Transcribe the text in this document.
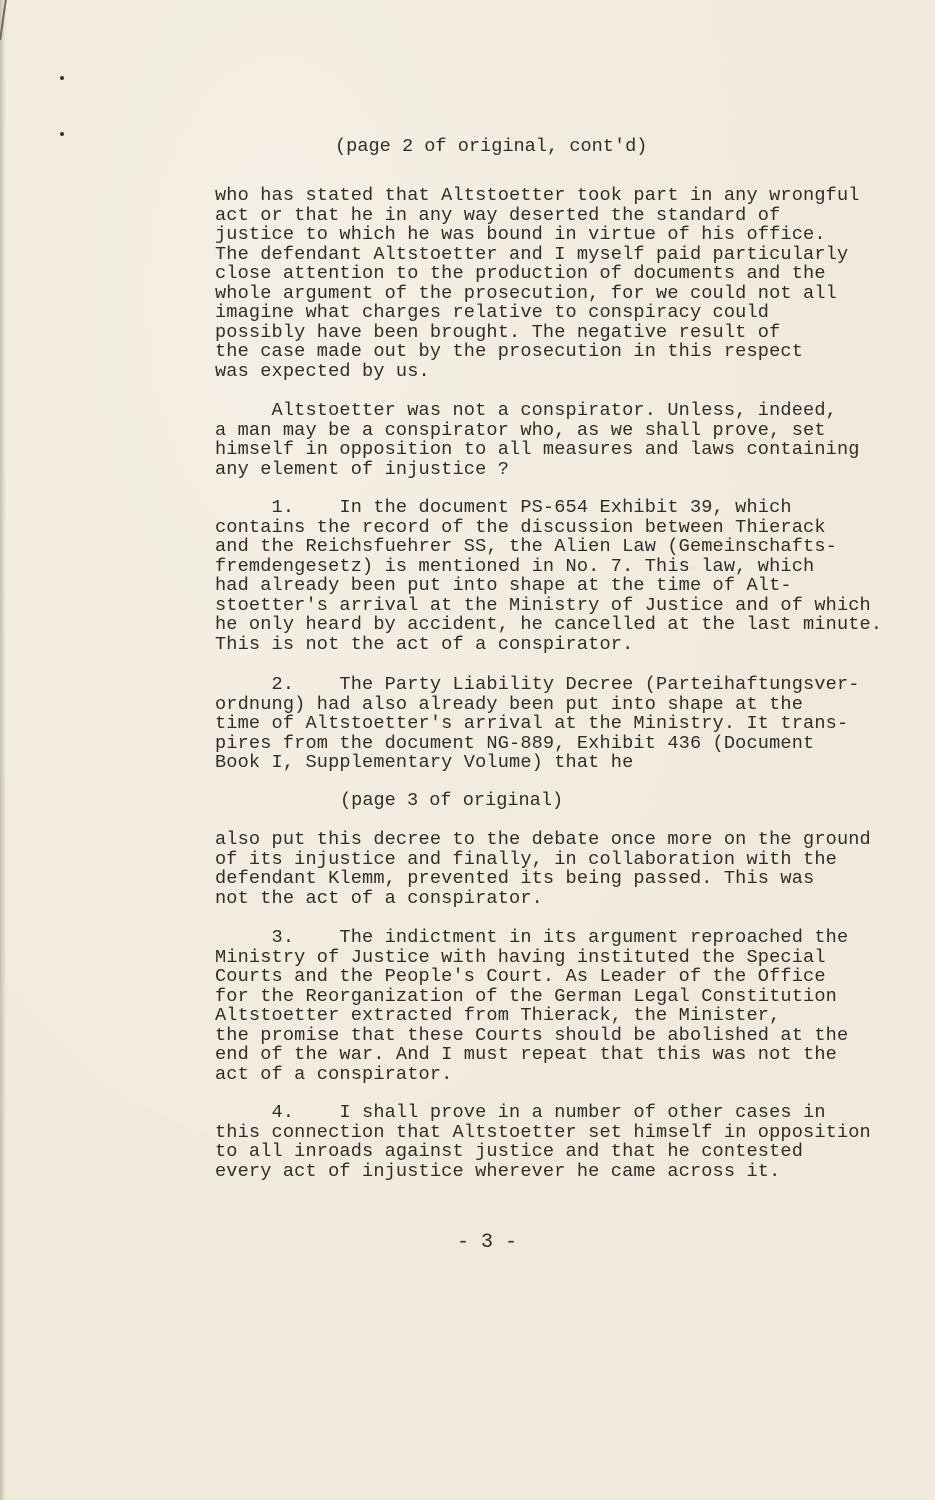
(page 2 of original, cont'd)
who has stated that Altstoetter took part in any wrongful
act or that he in any way deserted the standard of
justice to which he was bound in virtue of his office.
The defendant Altstoetter and I myself paid particularly
close attention to the production of documents and the
whole argument of the prosecution, for we could not all
imagine what charges relative to conspiracy could
possibly have been brought. The negative result of
the case made out by the prosecution in this respect
was expected by us.
Altstoetter was not a conspirator. Unless, indeed,
a man may be a conspirator who, as we shall prove, set
himself in opposition to all measures and laws containing
any element of injustice ?
1.    In the document PS-654 Exhibit 39, which
contains the record of the discussion between Thierack
and the Reichsfuehrer SS, the Alien Law (Gemeinschafts-
fremdengesetz) is mentioned in No. 7. This law, which
had already been put into shape at the time of Alt-
stoetter's arrival at the Ministry of Justice and of which
he only heard by accident, he cancelled at the last minute.
This is not the act of a conspirator.
2.    The Party Liability Decree (Parteihaftungsver-
ordnung) had also already been put into shape at the
time of Altstoetter's arrival at the Ministry. It trans-
pires from the document NG-889, Exhibit 436 (Document
Book I, Supplementary Volume) that he
(page 3 of original)
also put this decree to the debate once more on the ground
of its injustice and finally, in collaboration with the
defendant Klemm, prevented its being passed. This was
not the act of a conspirator.
3.    The indictment in its argument reproached the
Ministry of Justice with having instituted the Special
Courts and the People's Court. As Leader of the Office
for the Reorganization of the German Legal Constitution
Altstoetter extracted from Thierack, the Minister,
the promise that these Courts should be abolished at the
end of the war. And I must repeat that this was not the
act of a conspirator.
4.    I shall prove in a number of other cases in
this connection that Altstoetter set himself in opposition
to all inroads against justice and that he contested
every act of injustice wherever he came across it.
- 3 -
